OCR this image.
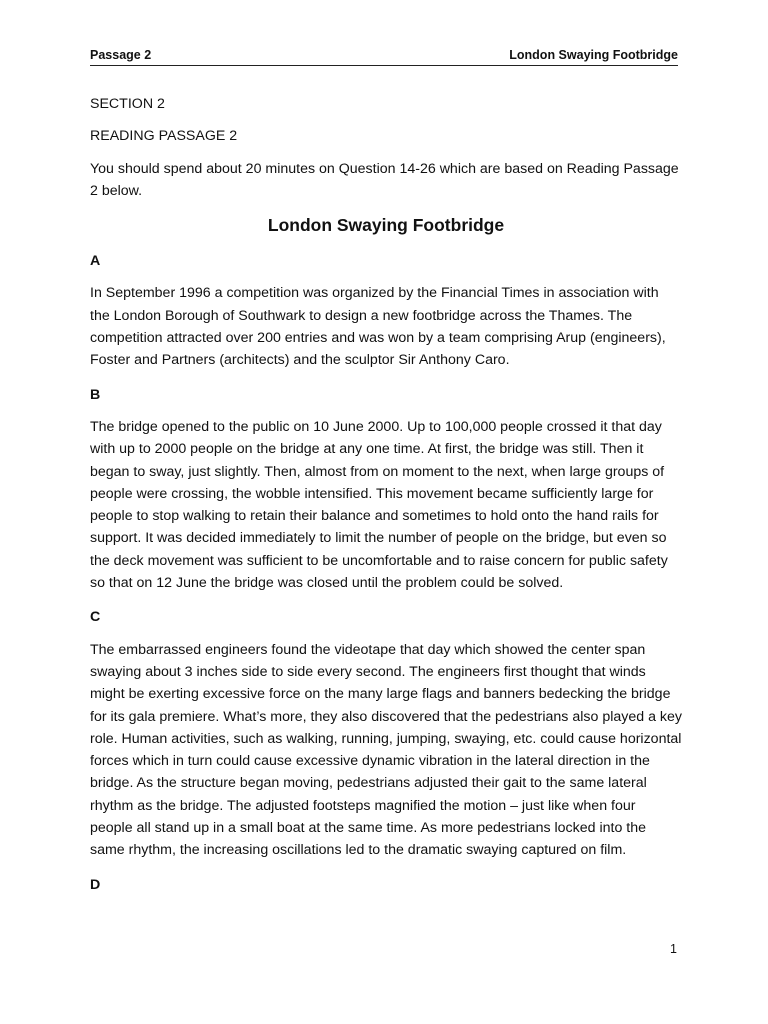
Passage 2	London Swaying Footbridge

SECTION 2

READING PASSAGE 2

You should spend about 20 minutes on Question 14-26 which are based on Reading Passage 2 below.

London Swaying Footbridge

A

In September 1996 a competition was organized by the Financial Times in association with the London Borough of Southwark to design a new footbridge across the Thames. The competition attracted over 200 entries and was won by a team comprising Arup (engineers), Foster and Partners (architects) and the sculptor Sir Anthony Caro.

B

The bridge opened to the public on 10 June 2000. Up to 100,000 people crossed it that day with up to 2000 people on the bridge at any one time. At first, the bridge was still. Then it began to sway, just slightly. Then, almost from on moment to the next, when large groups of people were crossing, the wobble intensified. This movement became sufficiently large for people to stop walking to retain their balance and sometimes to hold onto the hand rails for support. It was decided immediately to limit the number of people on the bridge, but even so the deck movement was sufficient to be uncomfortable and to raise concern for public safety so that on 12 June the bridge was closed until the problem could be solved.

C

The embarrassed engineers found the videotape that day which showed the center span swaying about 3 inches side to side every second. The engineers first thought that winds might be exerting excessive force on the many large flags and banners bedecking the bridge for its gala premiere. What’s more, they also discovered that the pedestrians also played a key role. Human activities, such as walking, running, jumping, swaying, etc. could cause horizontal forces which in turn could cause excessive dynamic vibration in the lateral direction in the bridge. As the structure began moving, pedestrians adjusted their gait to the same lateral rhythm as the bridge. The adjusted footsteps magnified the motion – just like when four people all stand up in a small boat at the same time. As more pedestrians locked into the same rhythm, the increasing oscillations led to the dramatic swaying captured on film.

D

1
